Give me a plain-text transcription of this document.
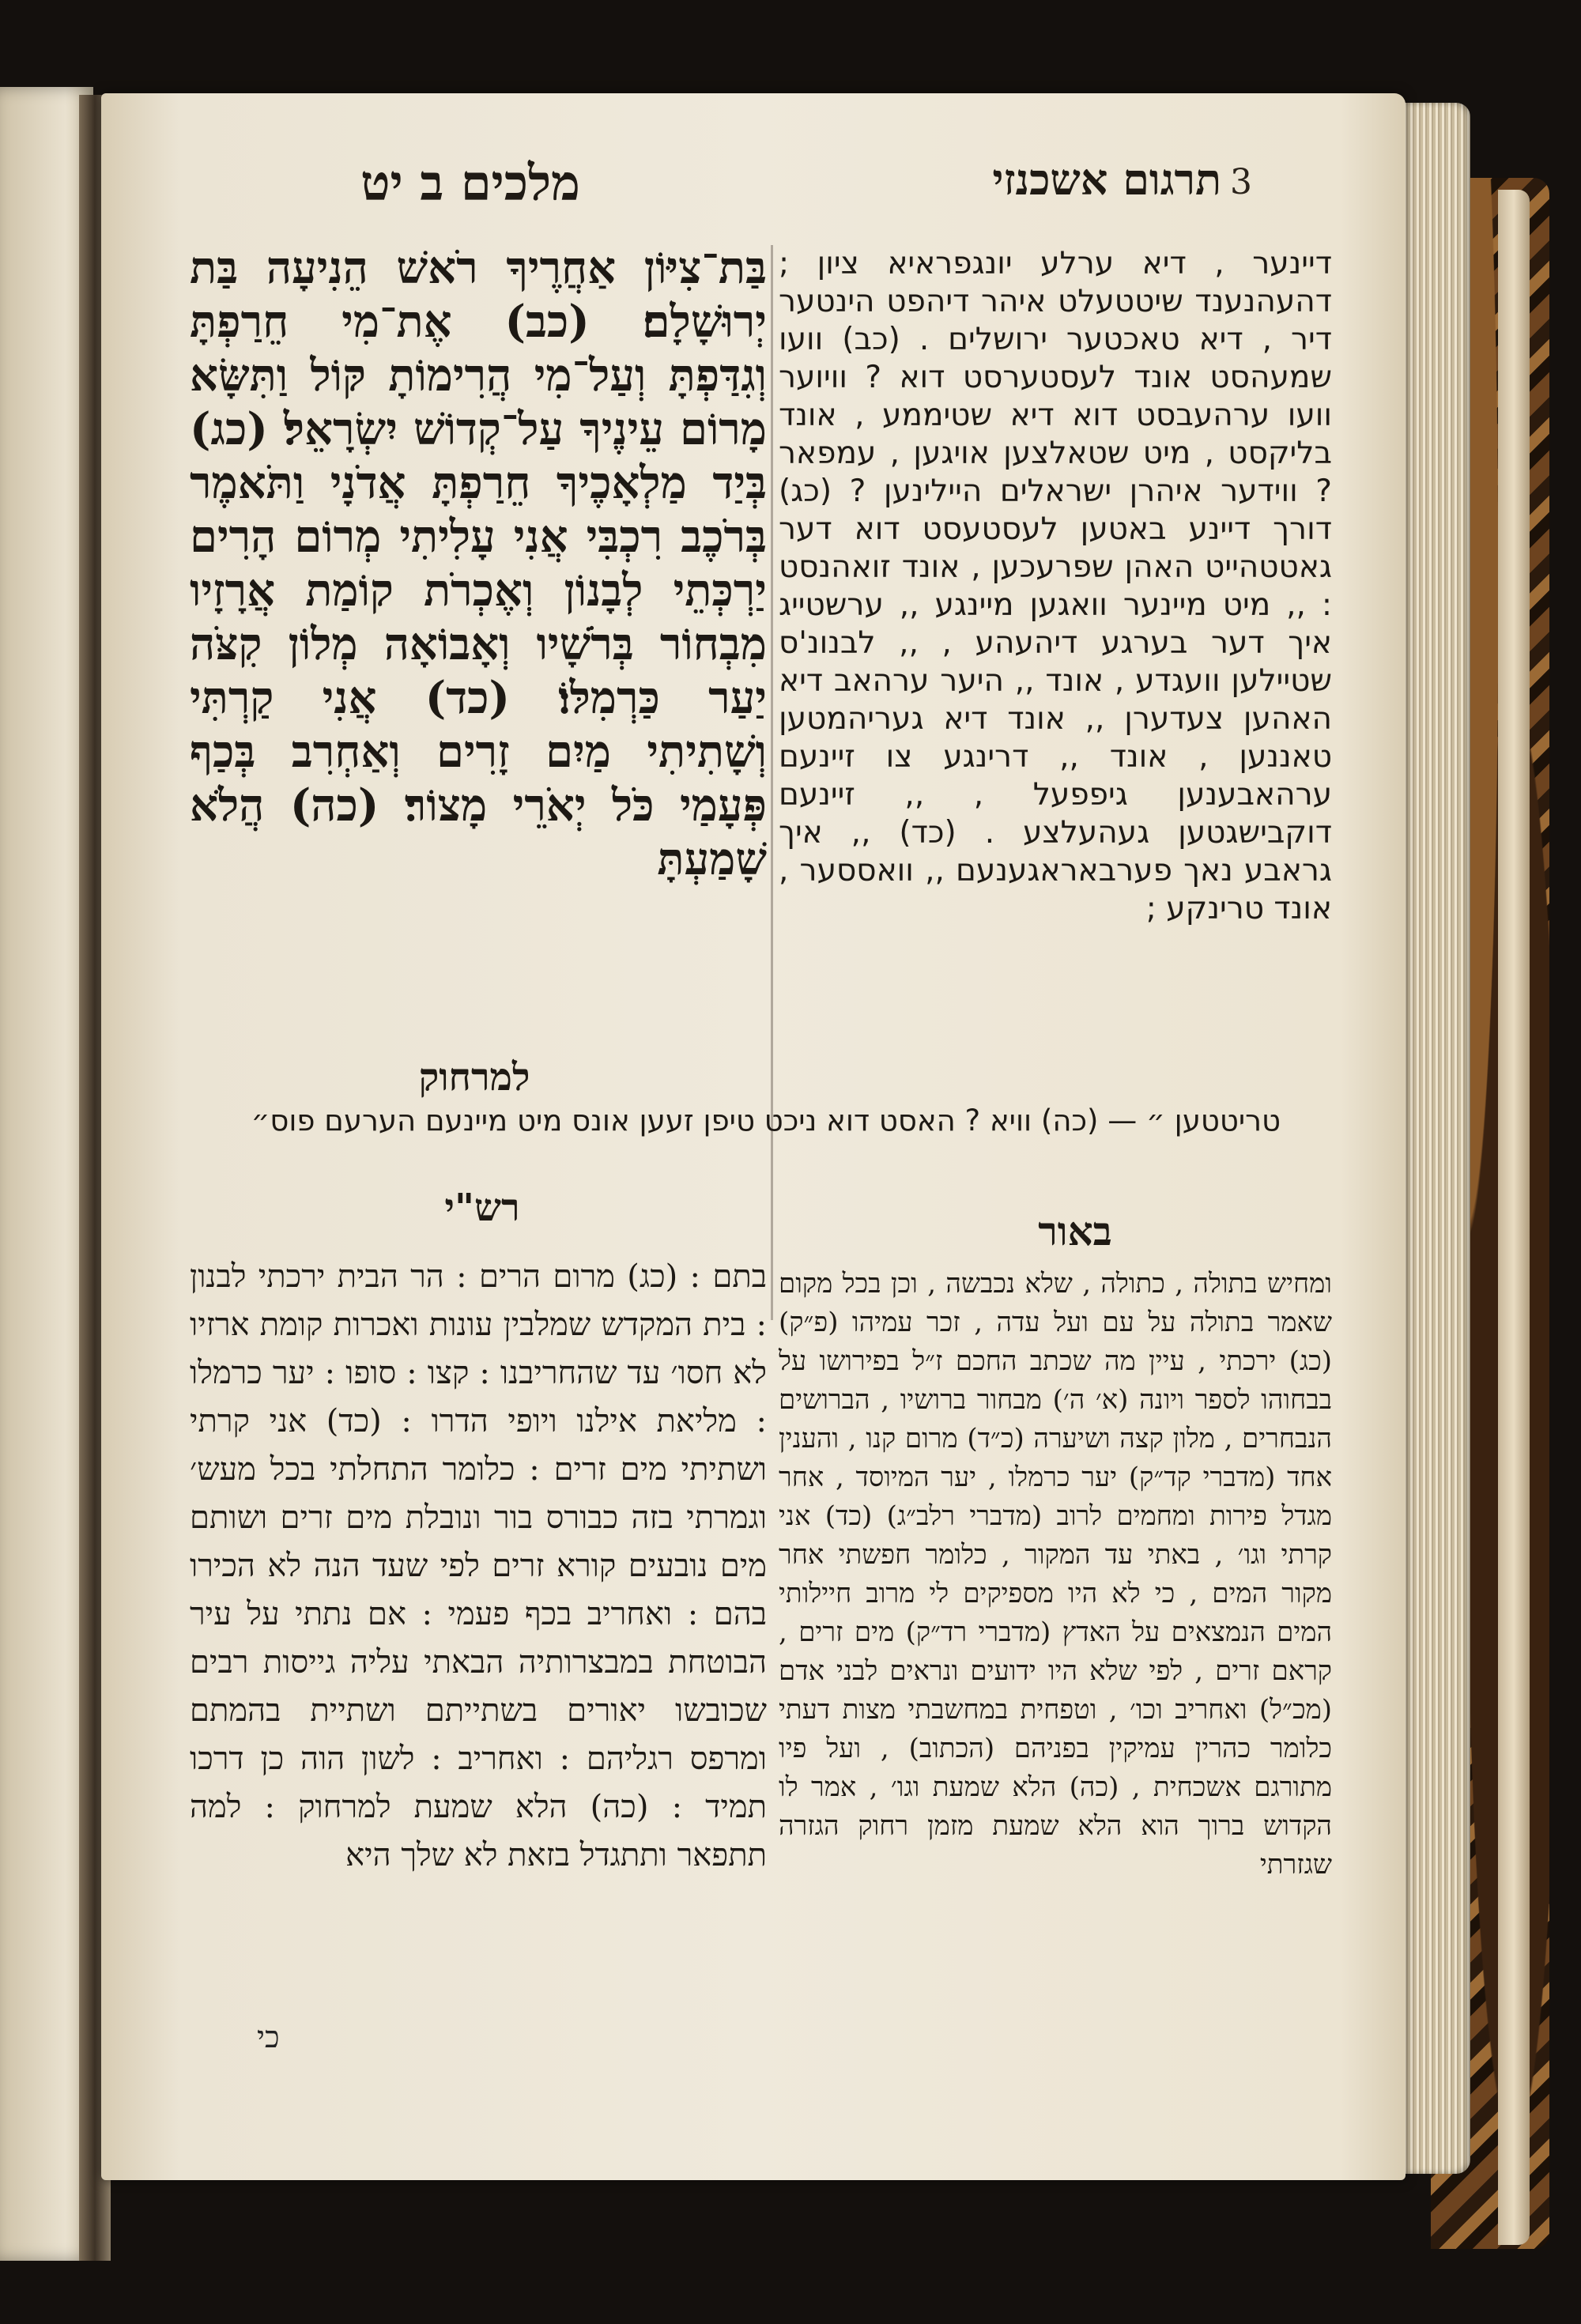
תרגום אשכנזי 3
מלכים ב יט

בַּת־צִיּוֹן אַחֲרֶיךָ רֹאשׁ הֵנִיעָה בַּת יְרוּשָׁלָם׃ (כב) אֶת־מִי חֵרַפְתָּ וְגִדַּפְתָּ וְעַל־מִי הֲרִימוֹתָ קּוֹל וַתִּשָּׂא מָרוֹם עֵינֶיךָ עַל־קְדוֹשׁ יִשְׂרָאֵל׃ (כג) בְּיַד מַלְאָכֶיךָ חֵרַפְתָּ אֲדֹנָי וַתֹּאמֶר בְּרֹכֶב רִכְבִּי אֲנִי עָלִיתִי מְרוֹם הָרִים יַרְכְּתֵי לְבָנוֹן וְאֶכְרֹת קוֹמַת אֲרָזָיו מִבְחוֹר בְּרֹשָׁיו וְאָבוֹאָה מְלוֹן קִצֹּה יַעַר כַּרְמִלּוֹ׃ (כד) אֲנִי קַרְתִּי וְשָׁתִיתִי מַיִם זָרִים וְאַחְרִב בְּכַף פְּעָמַי כֹּל יְאֹרֵי מָצוֹר׃ (כה) הֲלֹא שָׁמַעְתָּ

למרחוק

דיינער , דיא ערלע יונגפראיא ציון ; דהעהנענד שיטטעלט איהר דיהפט הינטער דיר , דיא טאכטער ירושלים . (כב) וועו שמעהסט אונד לעסטערסט דוא ? וויוער וועו ערהעבסט דוא דיא שטיממע , אונד בליקסט , מיט שטאלצען אויגען , עמפאר ? ווידער איהרן ישראלים היילינען ? (כג) דורך דיינע באטען לעסטעסט דוא דער גאטטהייט האהן שפרעכען , אונד זואהנסט : ,, מיט מיינער וואגען מיינגע ,, ערשטייג איך דער בערגע דיהעהע , ,, לבנונ'ס שטיילען וועגדע , אונד ,, היער ערהאב דיא האהען צעדערן ,, אונד דיא געריהמטען טאננען , אונד ,, דרינגע צו זיינעם ערהאבענען גיפפעל , ,, זיינעם דוקבישגטען געהעלצע . (כד) ,, איך גראבע נאך פערבאראגענעם ,, וואססער , אונד טרינקע ;

טריטטען ״ — (כה) וויא ? האסט דוא ניכט טיפן זעען אונס מיט מיינעם הערעם פוס״
רש"י

בתם : (כג) מרום הרים : הר הבית ירכתי לבנון : בית המקדש שמלבין עונות ואכרות קומת ארזיו לא חסו׳ עד שהחריבנו : קצו : סופו : יער כרמלו : מליאת אילנו ויופי הדרו : (כד) אני קרתי ושתיתי מים זרים : כלומר התחלתי בכל מעש׳ וגמרתי בזה כבורס בור ונובלת מים זרים ושותם מים נובעים קורא זרים לפי שעד הנה לא הכירו בהם : ואחריב בכף פעמי : אם נתתי על עיר הבוטחת במבצרותיה הבאתי עליה גייסות רבים שכובשו יאורים בשתייתם ושתיית בהמתם ומרפס רגליהם : ואחריב : לשון הוה כן דרכו תמיד : (כה) הלא שמעת למרחוק : למה תתפאר ותתגדל בזאת לא שלך היא

כי
באור

ומחיש בתולה , כתולה , שלא נכבשה , וכן בכל מקום שאמר בתולה על עם ועל עדה , זכר עמיהו (פ״ק) (כג) ירכתי , עיין מה שכתב החכם ז״ל בפירושו על בבחוהו לספר ויונה (א׳ ה׳) מבחור ברושיו , הברושים הנבחרים , מלון קצה ושיערה (כ״ד) מרום קנו , והענין אחד (מדברי קד״ק) יער כרמלו , יער המיוסד , אחר מגדל פירות ומחמים לרוב (מדברי רלב״ג) (כד) אני קרתי וגו׳ , באתי עד המקור , כלומר חפשתי אחר מקור המים , כי לא היו מספיקים לי מרוב חיילותי המים הנמצאים על האדץ (מדברי רד״ק) מים זרים , קראם זרים , לפי שלא היו ידועים ונראים לבני אדם (מכ״ל) ואחריב וכו׳ , וטפחית במחשבתי מצות דעתי כלומר כהרין עמיקין בפניהם (הכתוב) , ועל פיו מתורגם אשכחית , (כה) הלא שמעת וגו׳ , אמר לו הקדוש ברוך הוא הלא שמעת מזמן רחוק הגזרה שגזרתי
